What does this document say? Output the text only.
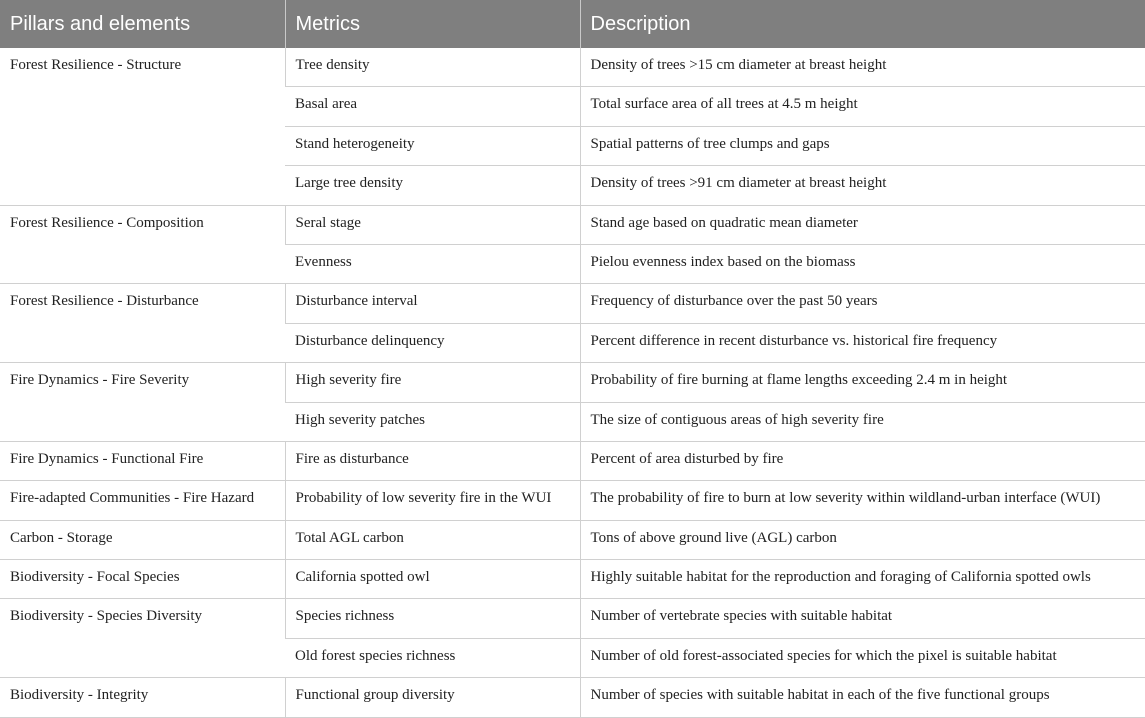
Pillars and elements	Metrics	Description
Forest Resilience - Structure	Tree density	Density of trees >15 cm diameter at breast height
	Basal area	Total surface area of all trees at 4.5 m height
	Stand heterogeneity	Spatial patterns of tree clumps and gaps
	Large tree density	Density of trees >91 cm diameter at breast height
Forest Resilience - Composition	Seral stage	Stand age based on quadratic mean diameter
	Evenness	Pielou evenness index based on the biomass
Forest Resilience - Disturbance	Disturbance interval	Frequency of disturbance over the past 50 years
	Disturbance delinquency	Percent difference in recent disturbance vs. historical fire frequency
Fire Dynamics - Fire Severity	High severity fire	Probability of fire burning at flame lengths exceeding 2.4 m in height
	High severity patches	The size of contiguous areas of high severity fire
Fire Dynamics - Functional Fire	Fire as disturbance	Percent of area disturbed by fire
Fire-adapted Communities - Fire Hazard	Probability of low severity fire in the WUI	The probability of fire to burn at low severity within wildland-urban interface (WUI)
Carbon - Storage	Total AGL carbon	Tons of above ground live (AGL) carbon
Biodiversity - Focal Species	California spotted owl	Highly suitable habitat for the reproduction and foraging of California spotted owls
Biodiversity - Species Diversity	Species richness	Number of vertebrate species with suitable habitat
	Old forest species richness	Number of old forest-associated species for which the pixel is suitable habitat
Biodiversity - Integrity	Functional group diversity	Number of species with suitable habitat in each of the five functional groups
